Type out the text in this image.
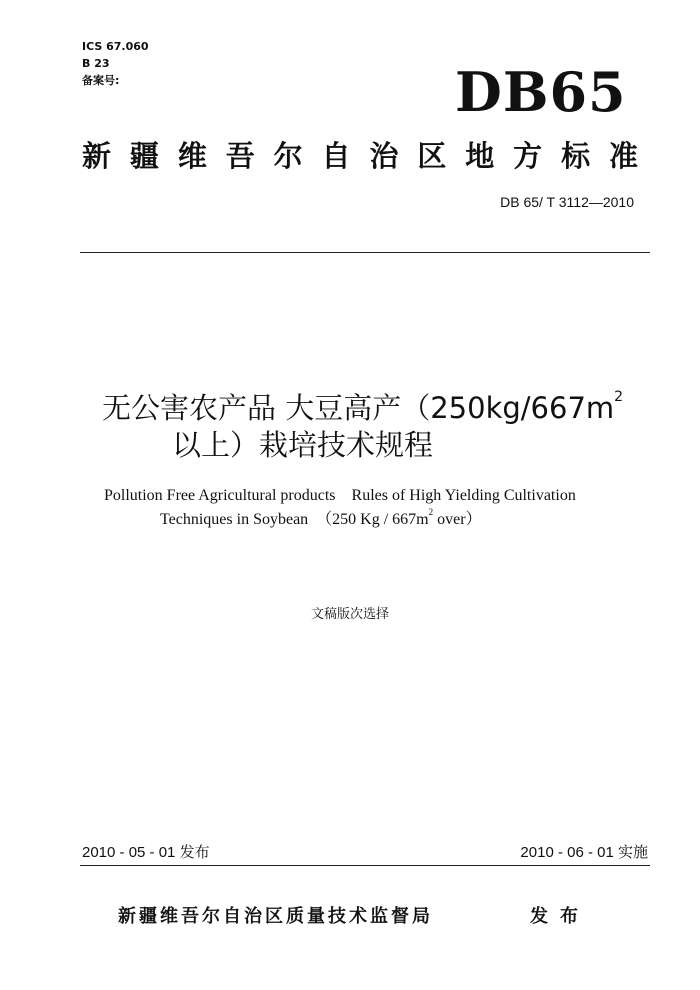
ICS 67.060
B 23
备案号:	DB65
新 疆 维 吾 尔 自 治 区 地 方 标 准
DB 65/ T 3112—2010
无公害农产品 大豆高产（$250kg/667m^2$
以上）栽培技术规程
Pollution Free Agricultural products　Rules of High Yielding Cultivation
Techniques in Soybean　（250 Kg / $667m^2$ over）
文稿版次选择
2010 - 05 - 01 发布	2010 - 06 - 01 实施
新疆维吾尔自治区质量技术监督局	发布
